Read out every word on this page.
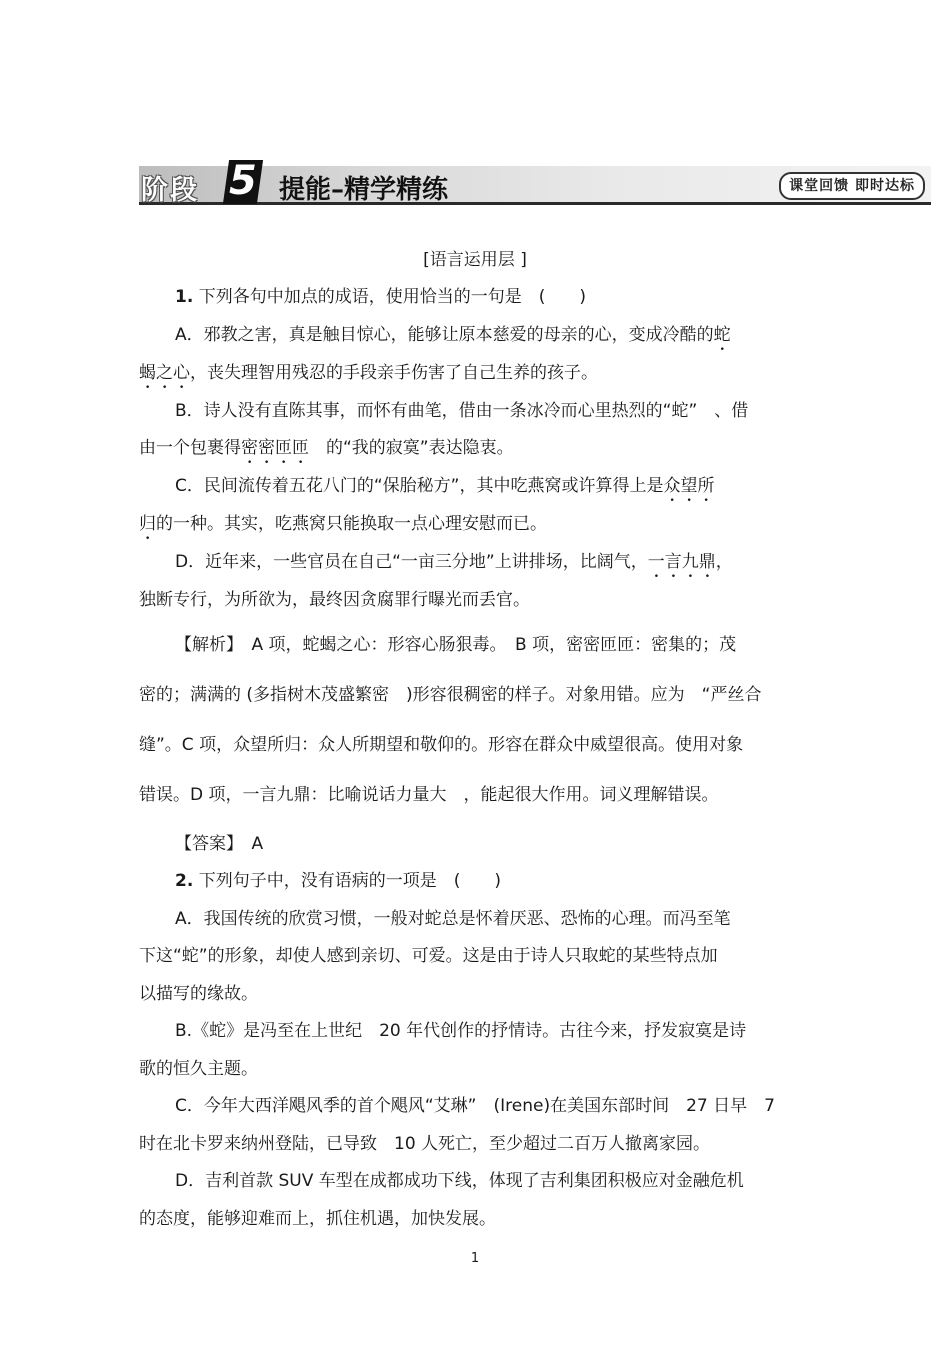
阶段 5 提能–精学精练	课堂回馈 即时达标

[语言运用层 ]

1. 下列各句中加点的成语，使用恰当的一句是　(　　)

A．邪教之害，真是触目惊心，能够让原本慈爱的母亲的心，变成冷酷的蛇

蝎之心，丧失理智用残忍的手段亲手伤害了自己生养的孩子。

B．诗人没有直陈其事，而怀有曲笔，借由一条冰冷而心里热烈的“蛇”　、借

由一个包裹得密密匝匝　 的“我的寂寞”表达隐衷。

C．民间流传着五花八门的“保胎秘方”，其中吃燕窝或许算得上是众望所

归的一种。其实，吃燕窝只能换取一点心理安慰而已。

D．近年来，一些官员在自己“一亩三分地”上讲排场，比阔气，一言九鼎，

独断专行，为所欲为，最终因贪腐罪行曝光而丢官。

【解析】　 A 项，蛇蝎之心：形容心肠狠毒。　B 项，密密匝匝：密集的；茂

密的；满满的 (多指树木茂盛繁密　)形容很稠密的样子。对象用错。应为　“严丝合

缝”。C 项，众望所归：众人所期望和敬仰的。形容在群众中威望很高。使用对象

错误。D 项，一言九鼎：比喻说话力量大　，能起很大作用。词义理解错误。

【答案】　 A

2. 下列句子中，没有语病的一项是　(　　)

A．我国传统的欣赏习惯，一般对蛇总是怀着厌恶、恐怖的心理。而冯至笔

下这“蛇”的形象，却使人感到亲切、可爱。这是由于诗人只取蛇的某些特点加

以描写的缘故。

B.《蛇》是冯至在上世纪　20 年代创作的抒情诗。古往今来，抒发寂寞是诗

歌的恒久主题。

C．今年大西洋飓风季的首个飓风“艾琳”　(Irene)在美国东部时间　27 日早　7

时在北卡罗来纳州登陆，已导致　10 人死亡，至少超过二百万人撤离家园。

D．吉利首款 SUV 车型在成都成功下线，体现了吉利集团积极应对金融危机

的态度，能够迎难而上，抓住机遇，加快发展。

1
